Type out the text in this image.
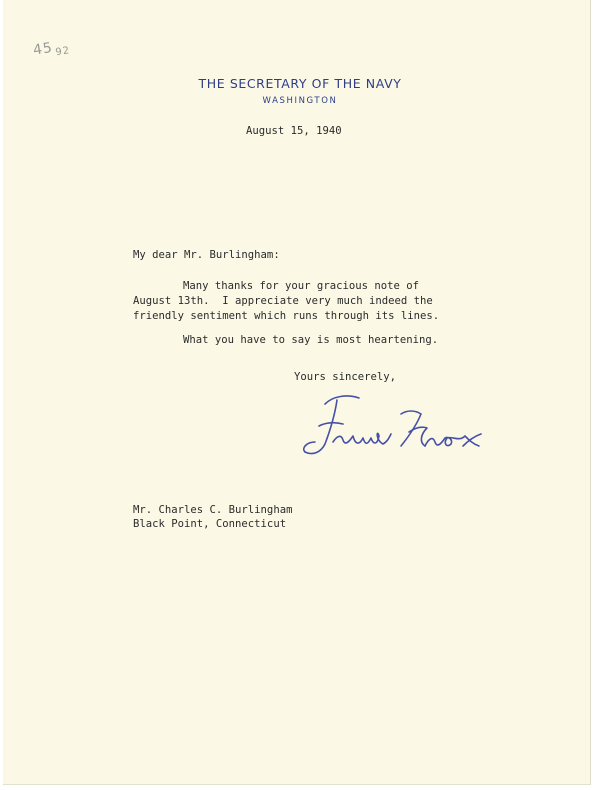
$45_{92}$
THE SECRETARY OF THE NAVY
WASHINGTON
August 15, 1940
My dear Mr. Burlingham:
Many thanks for your gracious note of
August 13th.  I appreciate very much indeed the
friendly sentiment which runs through its lines.
What you have to say is most heartening.
Yours sincerely,
Mr. Charles C. Burlingham
Black Point, Connecticut
